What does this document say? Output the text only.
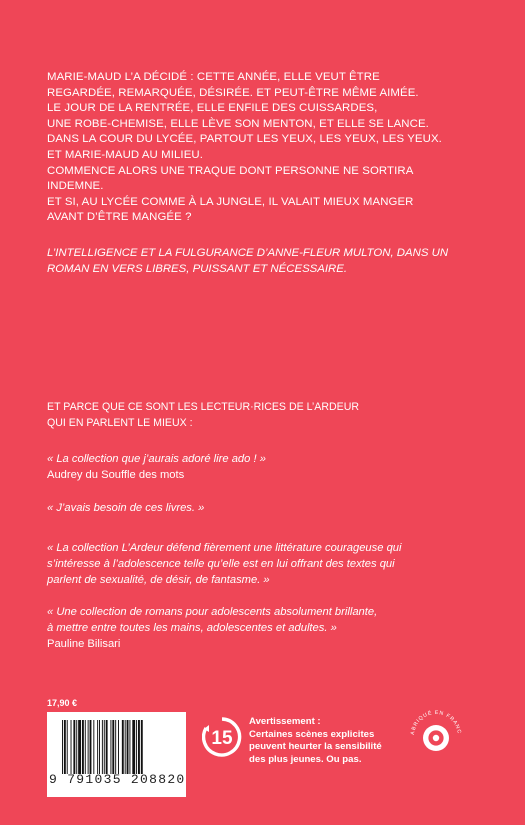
MARIE-MAUD L’A DÉCIDÉ : CETTE ANNÉE, ELLE VEUT ÊTRE
REGARDÉE, REMARQUÉE, DÉSIRÉE. ET PEUT-ÊTRE MÊME AIMÉE.
LE JOUR DE LA RENTRÉE, ELLE ENFILE DES CUISSARDES,
UNE ROBE-CHEMISE, ELLE LÈVE SON MENTON, ET ELLE SE LANCE.
DANS LA COUR DU LYCÉE, PARTOUT LES YEUX, LES YEUX, LES YEUX.
ET MARIE-MAUD AU MILIEU.
COMMENCE ALORS UNE TRAQUE DONT PERSONNE NE SORTIRA
INDEMNE.
ET SI, AU LYCÉE COMME À LA JUNGLE, IL VALAIT MIEUX MANGER
AVANT D’ÊTRE MANGÉE ?
L’INTELLIGENCE ET LA FULGURANCE D’ANNE-FLEUR MULTON, DANS UN
ROMAN EN VERS LIBRES, PUISSANT ET NÉCESSAIRE.
ET PARCE QUE CE SONT LES LECTEUR·RICES DE L’ARDEUR
QUI EN PARLENT LE MIEUX :
« La collection que j’aurais adoré lire ado ! »
Audrey du Souffle des mots
« J’avais besoin de ces livres. »
« La collection L’Ardeur défend fièrement une littérature courageuse qui
s’intéresse à l’adolescence telle qu’elle est en lui offrant des textes qui
parlent de sexualité, de désir, de fantasme. »
« Une collection de romans pour adolescents absolument brillante,
à mettre entre toutes les mains, adolescentes et adultes. »
Pauline Bilisari
17,90 €
9 791035 208820
15
Avertissement :
Certaines scènes explicites
peuvent heurter la sensibilité
des plus jeunes. Ou pas.
ABRIQUÉ EN FRANC
